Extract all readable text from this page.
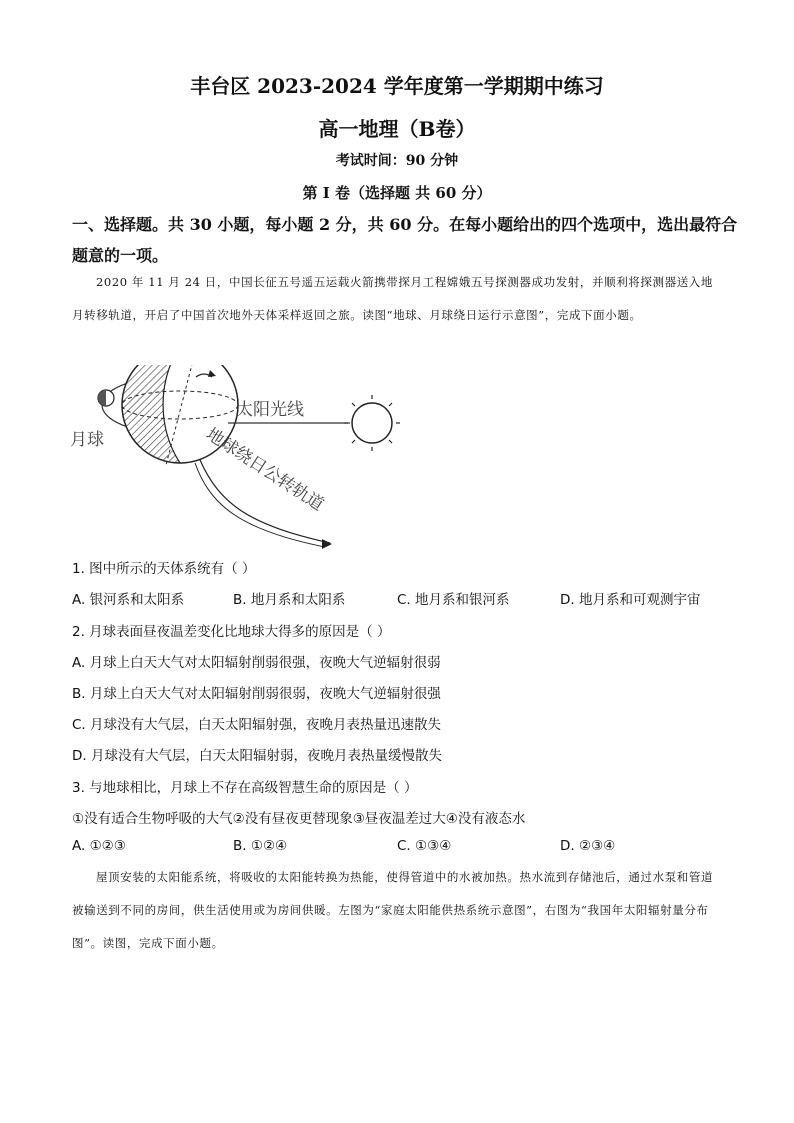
丰台区 2023-2024 学年度第一学期期中练习
高一地理（B卷）
考试时间：90 分钟
第 I 卷（选择题 共 60 分）
一、选择题。共 30 小题，每小题 2 分，共 60 分。在每小题给出的四个选项中，选出最符合
题意的一项。
2020 年 11 月 24 日，中国长征五号遥五运载火箭携带探月工程嫦娥五号探测器成功发射，并顺利将探测器送入地月转移轨道，开启了中国首次地外天体采样返回之旅。读图“地球、月球绕日运行示意图”，完成下面小题。
月球
太阳光线
地球绕日公转轨道
1. 图中所示的天体系统有（ ）
A. 银河系和太阳系	B. 地月系和太阳系	C. 地月系和银河系	D. 地月系和可观测宇宙
2. 月球表面昼夜温差变化比地球大得多的原因是（ ）
A. 月球上白天大气对太阳辐射削弱很强，夜晚大气逆辐射很弱
B. 月球上白天大气对太阳辐射削弱很弱，夜晚大气逆辐射很强
C. 月球没有大气层，白天太阳辐射强，夜晚月表热量迅速散失
D. 月球没有大气层，白天太阳辐射弱，夜晚月表热量缓慢散失
3. 与地球相比，月球上不存在高级智慧生命的原因是（ ）
①没有适合生物呼吸的大气②没有昼夜更替现象③昼夜温差过大④没有液态水
A. ①②③	B. ①②④	C. ①③④	D. ②③④
屋顶安装的太阳能系统，将吸收的太阳能转换为热能，使得管道中的水被加热。热水流到存储池后，通过水泵和管道被输送到不同的房间，供生活使用或为房间供暖。左图为“家庭太阳能供热系统示意图”，右图为“我国年太阳辐射量分布图”。读图，完成下面小题。
